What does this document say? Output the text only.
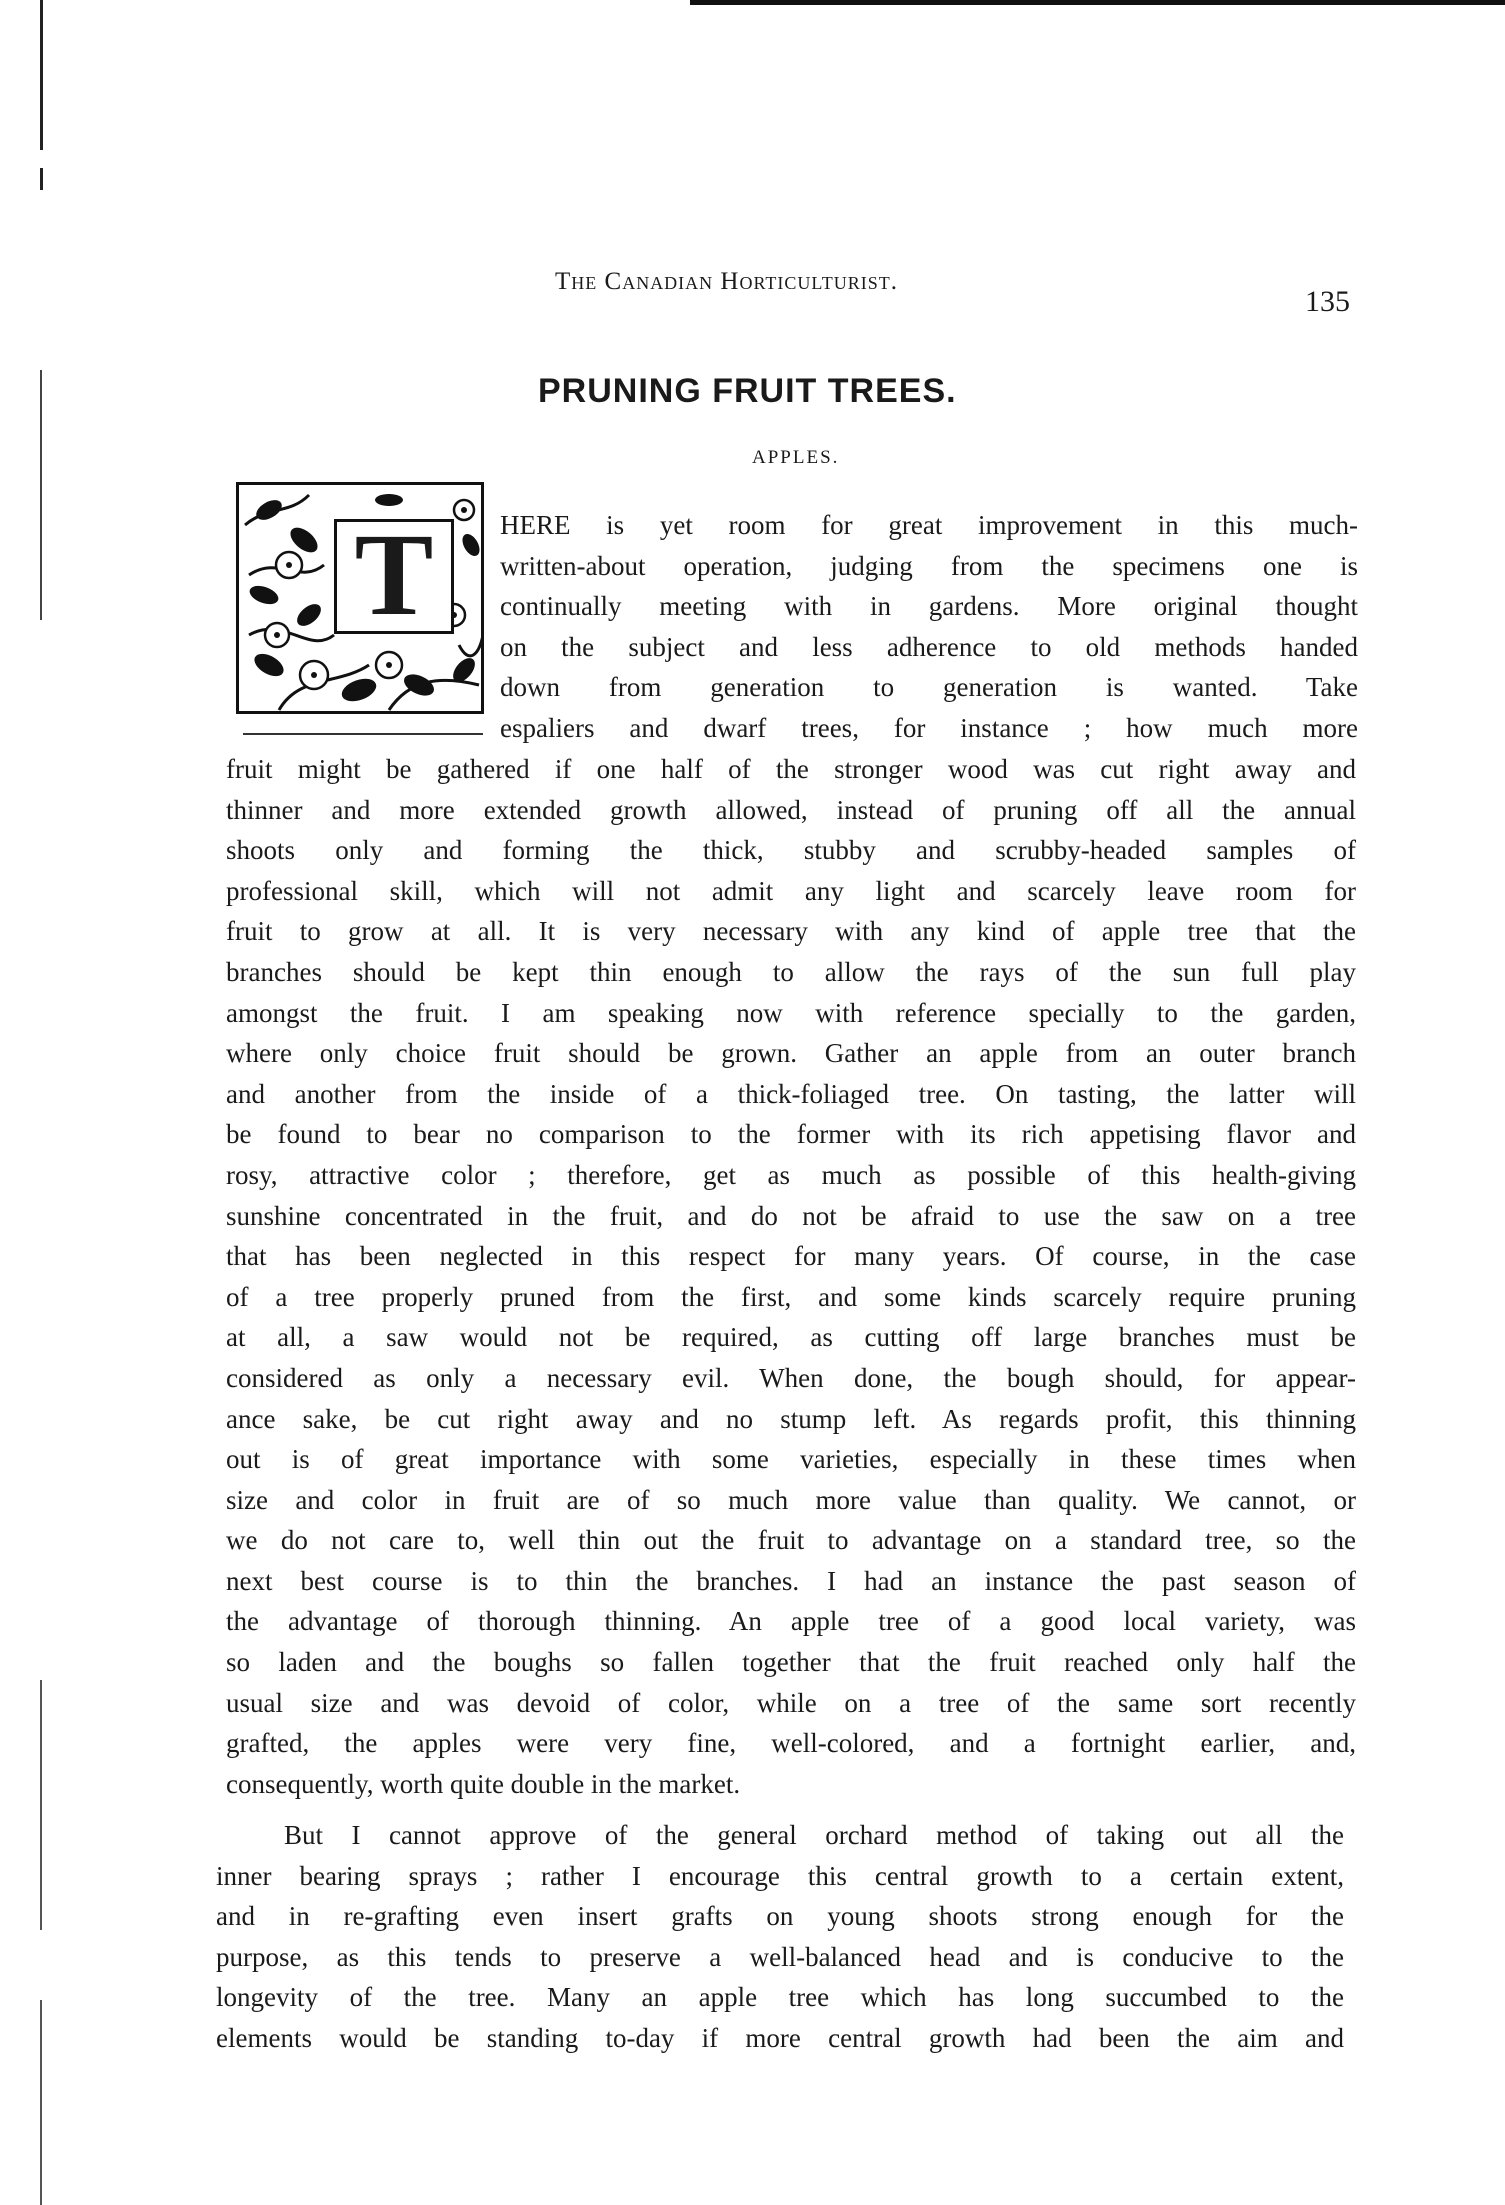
The Canadian Horticulturist.
135
PRUNING FRUIT TREES.
APPLES.
T	HERE is yet room for great improvement in this much-
written-about operation, judging from the specimens one is
continually meeting with in gardens. More original thought
on the subject and less adherence to old methods handed
down from generation to generation is wanted. Take
espaliers and dwarf trees, for instance ; how much more
fruit might be gathered if one half of the stronger wood was cut right away and
thinner and more extended growth allowed, instead of pruning off all the annual
shoots only and forming the thick, stubby and scrubby-headed samples of
professional skill, which will not admit any light and scarcely leave room for
fruit to grow at all. It is very necessary with any kind of apple tree that the
branches should be kept thin enough to allow the rays of the sun full play
amongst the fruit. I am speaking now with reference specially to the garden,
where only choice fruit should be grown. Gather an apple from an outer branch
and another from the inside of a thick-foliaged tree. On tasting, the latter will
be found to bear no comparison to the former with its rich appetising flavor and
rosy, attractive color ; therefore, get as much as possible of this health-giving
sunshine concentrated in the fruit, and do not be afraid to use the saw on a tree
that has been neglected in this respect for many years. Of course, in the case
of a tree properly pruned from the first, and some kinds scarcely require pruning
at all, a saw would not be required, as cutting off large branches must be
considered as only a necessary evil. When done, the bough should, for appear-
ance sake, be cut right away and no stump left. As regards profit, this thinning
out is of great importance with some varieties, especially in these times when
size and color in fruit are of so much more value than quality. We cannot, or
we do not care to, well thin out the fruit to advantage on a standard tree, so the
next best course is to thin the branches. I had an instance the past season of
the advantage of thorough thinning. An apple tree of a good local variety, was
so laden and the boughs so fallen together that the fruit reached only half the
usual size and was devoid of color, while on a tree of the same sort recently
grafted, the apples were very fine, well-colored, and a fortnight earlier, and,
consequently, worth quite double in the market.
But I cannot approve of the general orchard method of taking out all the
inner bearing sprays ; rather I encourage this central growth to a certain extent,
and in re-grafting even insert grafts on young shoots strong enough for the
purpose, as this tends to preserve a well-balanced head and is conducive to the
longevity of the tree. Many an apple tree which has long succumbed to the
elements would be standing to-day if more central growth had been the aim and
